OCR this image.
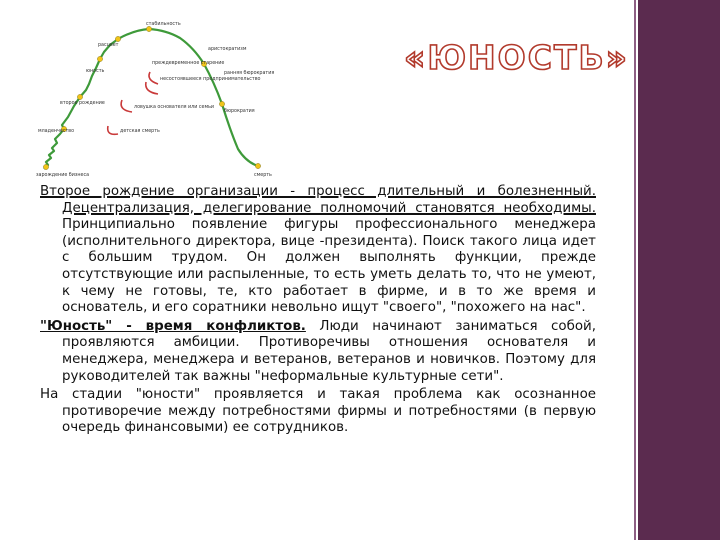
«ЮНОСТЬ»
стабильность
расцвет
аристократизм
юность
преждевременное старение
ранняя бюрократия
несостоявшееся предпринимательство
второе рождение
ловушка основателя или семьи
бюрократия
младенчество	детская смерть
зарождение бизнеса	смерть

Второе рождение организации - процесс длительный и болезненный. Децентрализация, делегирование полномочий становятся необходимы. Принципиально появление фигуры профессионального менеджера (исполнительного директора, вице -президента). Поиск такого лица идет с большим трудом. Он должен выполнять функции, прежде отсутствующие или распыленные, то есть уметь делать то, что не умеют, к чему не готовы, те, кто работает в фирме, и в то же время и основатель, и его соратники невольно ищут "своего", "похожего на нас".

"Юность" - время конфликтов. Люди начинают заниматься собой, проявляются амбиции. Противоречивы отношения основателя и менеджера, менеджера и ветеранов, ветеранов и новичков. Поэтому для руководителей так важны "неформальные культурные сети".

На стадии "юности" проявляется и такая проблема как осознанное противоречие между потребностями фирмы и потребностями (в первую очередь финансовыми) ее сотрудников.
